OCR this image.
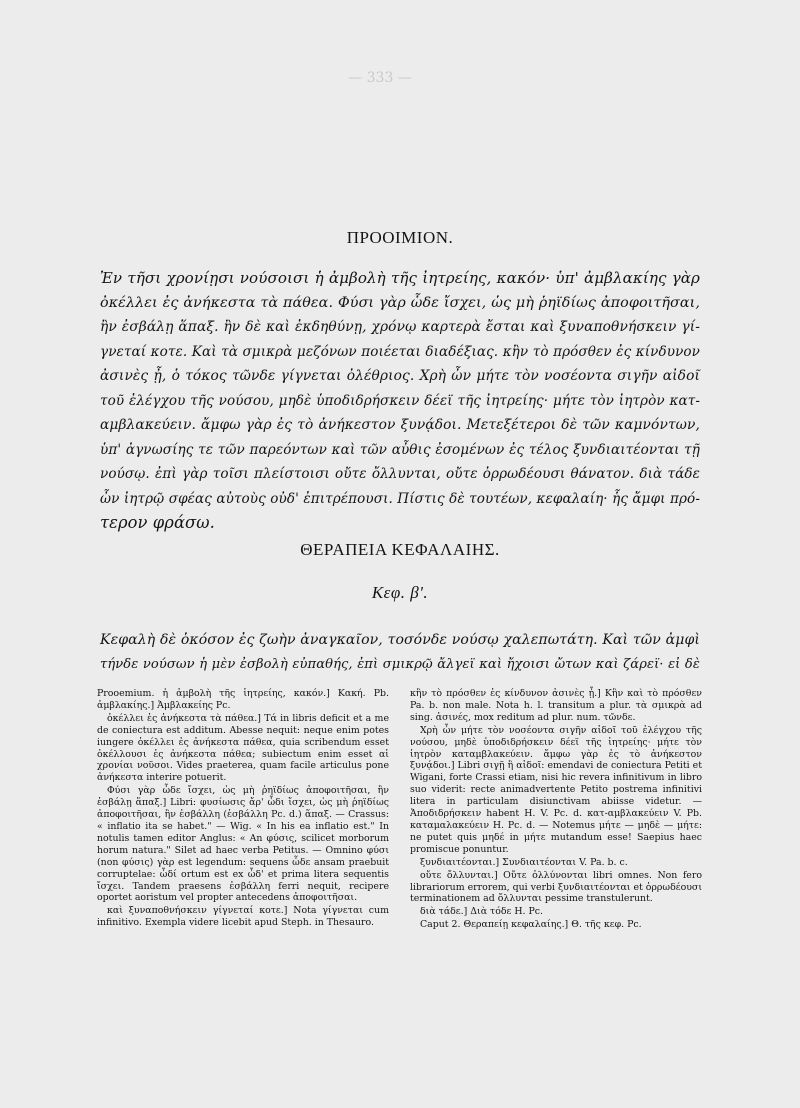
— 333 —
ΠΡΟΟΙΜΙΟΝ.
Ἐν τῆσι χρονίῃσι νούσοισι ἡ ἀμβολὴ τῆς ἰητρείης, κακόν· ὑπ' ἀμβλακίης γὰρ
ὀκέλλει ἐς ἀνήκεστα τὰ πάθεα. Φύσι γὰρ ὧδε ἴσχει, ὡς μὴ ῥηϊδίως ἀποφοιτῆσαι,
ἢν ἐσβάλῃ ἅπαξ. ἢν δὲ καὶ ἐκδηθύνῃ, χρόνῳ καρτερὰ ἔσται καὶ ξυναποθνήσκειν γί-
γνεταί κοτε. Καὶ τὰ σμικρὰ μεζόνων ποιέεται διαδέξιας. κἢν τὸ πρόσθεν ἐς κίνδυνον
ἀσινὲς ᾖ, ὁ τόκος τῶνδε γίγνεται ὀλέθριος. Χρὴ ὦν μήτε τὸν νοσέοντα σιγῆν αἰδοῖ
τοῦ ἐλέγχου τῆς νούσου, μηδὲ ὑποδιδρήσκειν δέεϊ τῆς ἰητρείης· μήτε τὸν ἰητρὸν κατ-
αμβλακεύειν. ἄμφω γὰρ ἐς τὸ ἀνήκεστον ξυνᾴδοι. Μετεξέτεροι δὲ τῶν καμνόντων,
ὑπ' ἀγνωσίης τε τῶν παρεόντων καὶ τῶν αὖθις ἐσομένων ἐς τέλος ξυνδιαιτέονται τῇ
νούσῳ. ἐπὶ γὰρ τοῖσι πλείστοισι οὔτε ὄλλυνται, οὔτε ὀρρωδέουσι θάνατον. διὰ τάδε
ὦν ἰητρῷ σφέας αὐτοὺς οὐδ' ἐπιτρέπουσι. Πίστις δὲ τουτέων, κεφαλαίη· ἧς ἄμφι πρό-
τερον φράσω.
ΘΕΡΑΠΕΙΑ ΚΕΦΑΛΑΙΗΣ.
Κεφ. β'.
Κεφαλὴ δὲ ὁκόσον ἐς ζωὴν ἀναγκαῖον, τοσόνδε νούσῳ χαλεπωτάτη. Καὶ τῶν ἀμφὶ
τήνδε νούσων ἡ μὲν ἐσβολὴ εὐπαθής, ἐπὶ σμικρῷ ἄλγεϊ καὶ ἤχοισι ὤτων καὶ ζάρεϊ· εἰ δὲ

Prooemium. ἡ ἀμβολὴ τῆς ἰητρείης, κακόν.] Κακή. Pb. ἀμβλακίης.] Ἀμβλακείης Pc.

ὀκέλλει ἐς ἀνήκεστα τὰ πάθεα.] Τά in libris deficit et a me de coniectura est additum. Abesse nequit: neque enim potes iungere ὀκέλλει ἐς ἀνήκεστα πάθεα, quia scribendum esset ὀκέλλουσι ἐς ἀνήκεστα πάθεα; subiectum enim esset αἱ χρονίαι νοῦσοι. Vides praeterea, quam facile articulus pone ἀνήκεστα interire potuerit.

Φύσι γὰρ ὧδε ἴσχει, ὡς μὴ ῥηϊδίως ἀποφοιτῆσαι, ἢν ἐσβάλῃ ἅπαξ.] Libri: φυσίωσις ἄρ' ὧδι ἴσχει, ὡς μὴ ῥηϊδίως ἀποφοιτῆσαι, ἢν ἐσβάλλη (ἐσβάλλη Pc. d.) ἅπαξ. — Crassus: « inflatio ita se habet." — Wig. « In his ea inflatio est." In notulis tamen editor Anglus: « An φύσις, scilicet morborum horum natura." Silet ad haec verba Petitus. — Omnino φύσι (non φύσις) γὰρ est legendum: sequens ὧδε ansam praebuit corruptelae: ὧδί ortum est ex ὧδ' et prima litera sequentis ἴσχει. Tandem praesens ἐσβάλλη ferri nequit, recipere oportet aoristum vel propter antecedens ἀποφοιτῆσαι.

καὶ ξυναποθνήσκειν γίγνεταί κοτε.] Nota γίγνεται cum infinitivo. Exempla videre licebit apud Steph. in Thesauro.

κἢν τὸ πρόσθεν ἐς κίνδυνον ἀσινὲς ᾖ.] Κἢν καὶ τὸ πρόσθεν Pa. b. non male. Nota h. l. transitum a plur. τὰ σμικρὰ ad sing. ἀσινές, mox reditum ad plur. num. τῶνδε.

Χρὴ ὦν μήτε τὸν νοσέοντα σιγῆν αἰδοῖ τοῦ ἐλέγχου τῆς νούσου, μηδὲ ὑποδιδρήσκειν δέεϊ τῆς ἰητρείης· μήτε τὸν ἰητρὸν καταμβλακεύειν. ἄμφω γὰρ ἐς τὸ ἀνήκεστον ξυνᾴδοι.] Libri σιγῇ ἢ αἰδοῖ: emendavi de coniectura Petiti et Wigani, forte Crassi etiam, nisi hic revera infinitivum in libro suo viderit: recte animadvertente Petito postrema infinitivi litera in particulam disiunctivam abiisse videtur. — Ἀποδιδρήσκειν habent H. V. Pc. d. κατ-αμβλακεύειν V. Pb. καταμαλακεύειν H. Pc. d. — Notemus μήτε — μηδὲ — μήτε: ne putet quis μηδέ in μήτε mutandum esse! Saepius haec promiscue ponuntur.

ξυνδιαιτέονται.] Συνδιαιτέονται V. Pa. b. c.

οὔτε ὄλλυνται.] Οὔτε ὀλλύνονται libri omnes. Non fero librariorum errorem, qui verbi ξυνδιαιτέονται et ὀρρωδέουσι terminationem ad ὄλλυνται pessime transtulerunt.

διὰ τάδε.] Διὰ τόδε H. Pc.

Caput 2. Θεραπείῃ κεφαλαίης.] Θ. τῆς κεφ. Pc.
